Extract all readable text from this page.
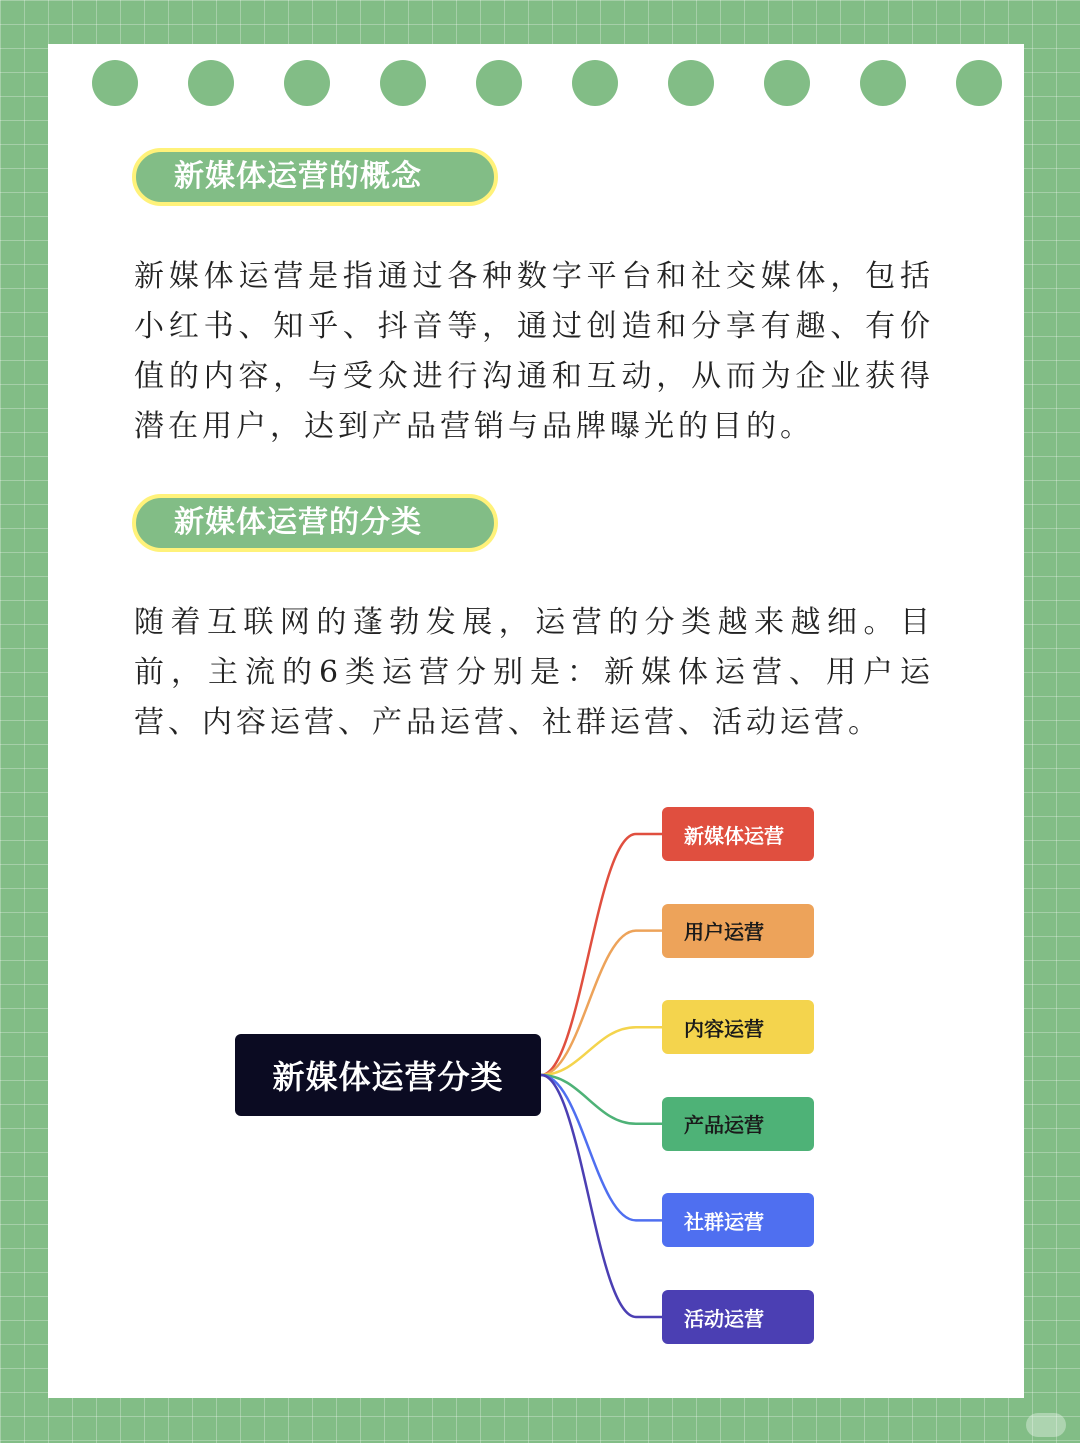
新媒体运营的概念

新媒体运营是指通过各种数字平台和社交媒体，包括小红书、知乎、抖音等，通过创造和分享有趣、有价值的内容，与受众进行沟通和互动，从而为企业获得潜在用户，达到产品营销与品牌曝光的目的。

新媒体运营的分类

随着互联网的蓬勃发展，运营的分类越来越细。目前，主流的6类运营分别是：新媒体运营、用户运营、内容运营、产品运营、社群运营、活动运营。

新媒体运营分类
新媒体运营
用户运营
内容运营
产品运营
社群运营
活动运营
